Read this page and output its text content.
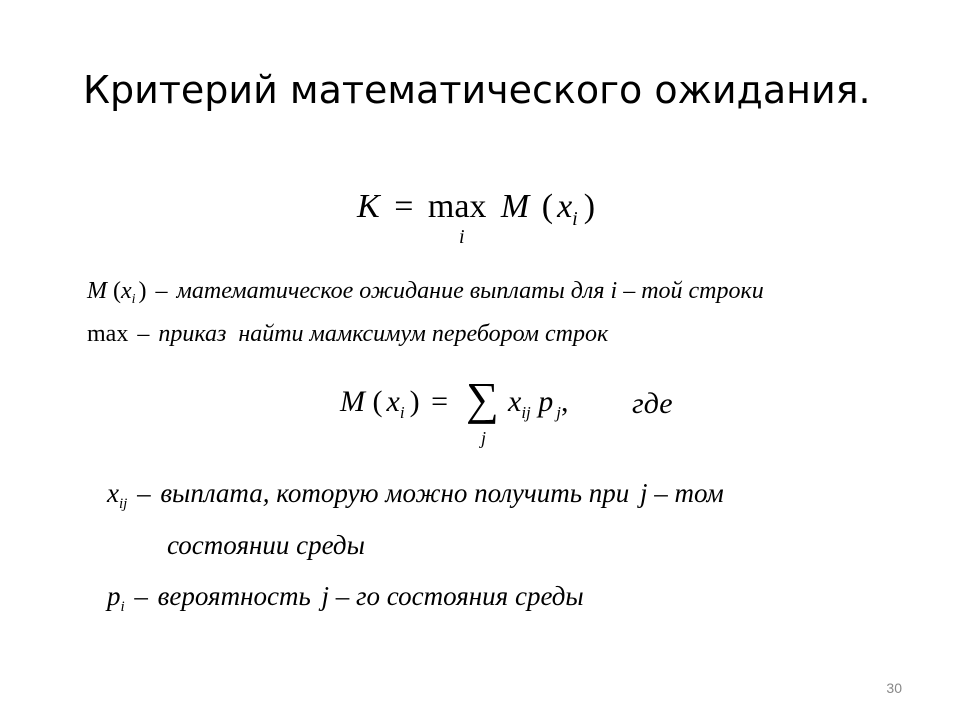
Критерий математического ожидания.
K = max M ( $x_i$ )
i
M ($x_i$ ) – математическое ожидание выплаты для i – той строки
max – приказ  найти мамксимум перебором строк
M ( $x_i$ ) = ∑
j
$x_{ij}$ p $_j$, где
$x_{ij}$ – выплата, которую можно получить при j – том
состоянии среды
$p_i$ – вероятность j – го состояния среды
30
